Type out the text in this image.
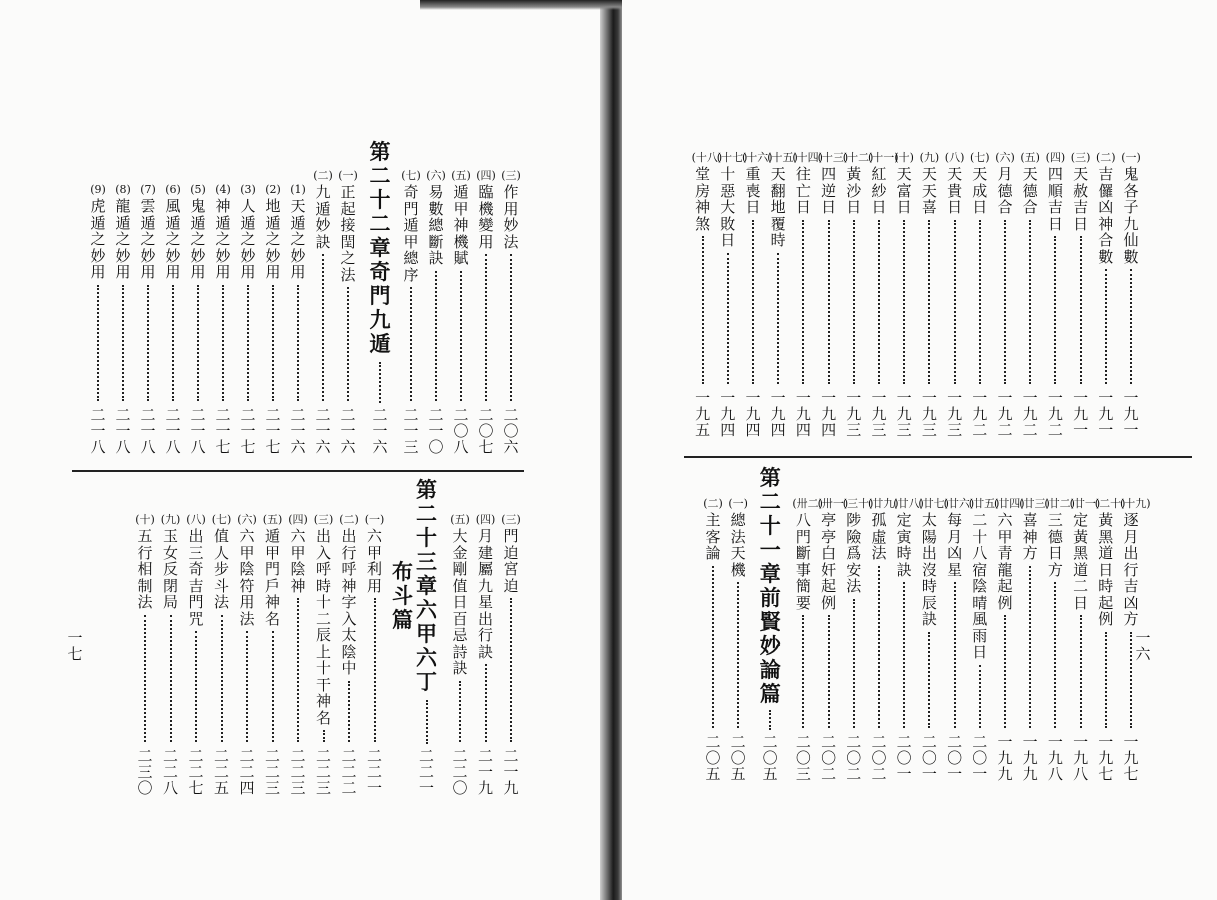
(三)
作
用
妙
法
二
〇
六
(四)
臨
機
變
用
二
〇
七
(五)
遁
甲
神
機
賦
二
〇
八
(六)
易
數
總
斷
訣
二
一
〇
(七)
奇
門
遁
甲
總
序
二
一
三
第
二
十
二
章
奇
門
九
遁
二
一
六
(一)
正
起
接
閏
之
法
二
一
六
(二)
九
遁
妙
訣
二
一
六
(1)
天
遁
之
妙
用
二
一
六
(2)
地
遁
之
妙
用
二
一
七
(3)
人
遁
之
妙
用
二
一
七
(4)
神
遁
之
妙
用
二
一
七
(5)
鬼
遁
之
妙
用
二
一
八
(6)
風
遁
之
妙
用
二
一
八
(7)
雲
遁
之
妙
用
二
一
八
(8)
龍
遁
之
妙
用
二
一
八
(9)
虎
遁
之
妙
用
二
一
八
(三)
門
迫
宮
迫
二
一
九
(四)
月
建
屬
九
星
出
行
訣
二
一
九
(五)
大
金
剛
值
日
百
忌
詩
訣
二
二
〇
第
二
十
三
章
六
甲
六
丁
布
斗
篇
二
二
一
(一)
六
甲
利
用
二
二
一
(二)
出
行
呼
神
字
入
太
陰
中
二
二
二
(三)
出
入
呼
時
十
二
辰
上
十
干
神
名
二
二
三
(四)
六
甲
陰
神
二
二
三
(五)
遁
甲
門
戶
神
名
二
二
三
(六)
六
甲
陰
符
用
法
二
二
四
(七)
值
人
步
斗
法
二
二
五
(八)
出
三
奇
吉
門
咒
二
二
七
(九)
玉
女
反
閉
局
二
二
八
(十)
五
行
相
制
法
二
三
〇
一
七
(一)
鬼
各
子
九
仙
數
一
九
一
(二)
吉
儸
凶
神
合
數
一
九
一
(三)
天
赦
吉
日
一
九
一
(四)
四
順
吉
日
一
九
二
(五)
天
德
合
一
九
二
(六)
月
德
合
一
九
二
(七)
天
成
日
一
九
二
(八)
天
貴
日
一
九
三
(九)
天
天
喜
一
九
三
(十)
天
富
日
一
九
三
(十一)
紅
紗
日
一
九
三
(十二)
黃
沙
日
一
九
三
(十三)
四
逆
日
一
九
四
(十四)
往
亡
日
一
九
四
(十五)
天
翻
地
覆
時
一
九
四
(十六)
重
喪
日
一
九
四
(十七)
十
惡
大
敗
日
一
九
四
(十八)
堂
房
神
煞
一
九
五
(十九)
逐
月
出
行
吉
凶
方
一
九
七
(二十)
黃
黑
道
日
時
起
例
一
九
七
(廿一)
定
黃
黑
道
二
日
一
九
八
(廿二)
三
德
日
方
一
九
八
(廿三)
喜
神
方
一
九
九
(廿四)
六
甲
青
龍
起
例
一
九
九
(廿五)
二
十
八
宿
陰
晴
風
雨
日
二
〇
一
(廿六)
每
月
凶
星
二
〇
一
(廿七)
太
陽
出
沒
時
辰
訣
二
〇
一
(廿八)
定
寅
時
訣
二
〇
一
(廿九)
孤
虛
法
二
〇
二
(三十)
陟
險
爲
安
法
二
〇
二
(卅一)
亭
亭
白
奸
起
例
二
〇
二
(卅二)
八
門
斷
事
簡
要
二
〇
三
第
二
十
一
章
前
賢
妙
論
篇
二
〇
五
(一)
總
法
天
機
二
〇
五
(二)
主
客
論
二
〇
五
一
六
